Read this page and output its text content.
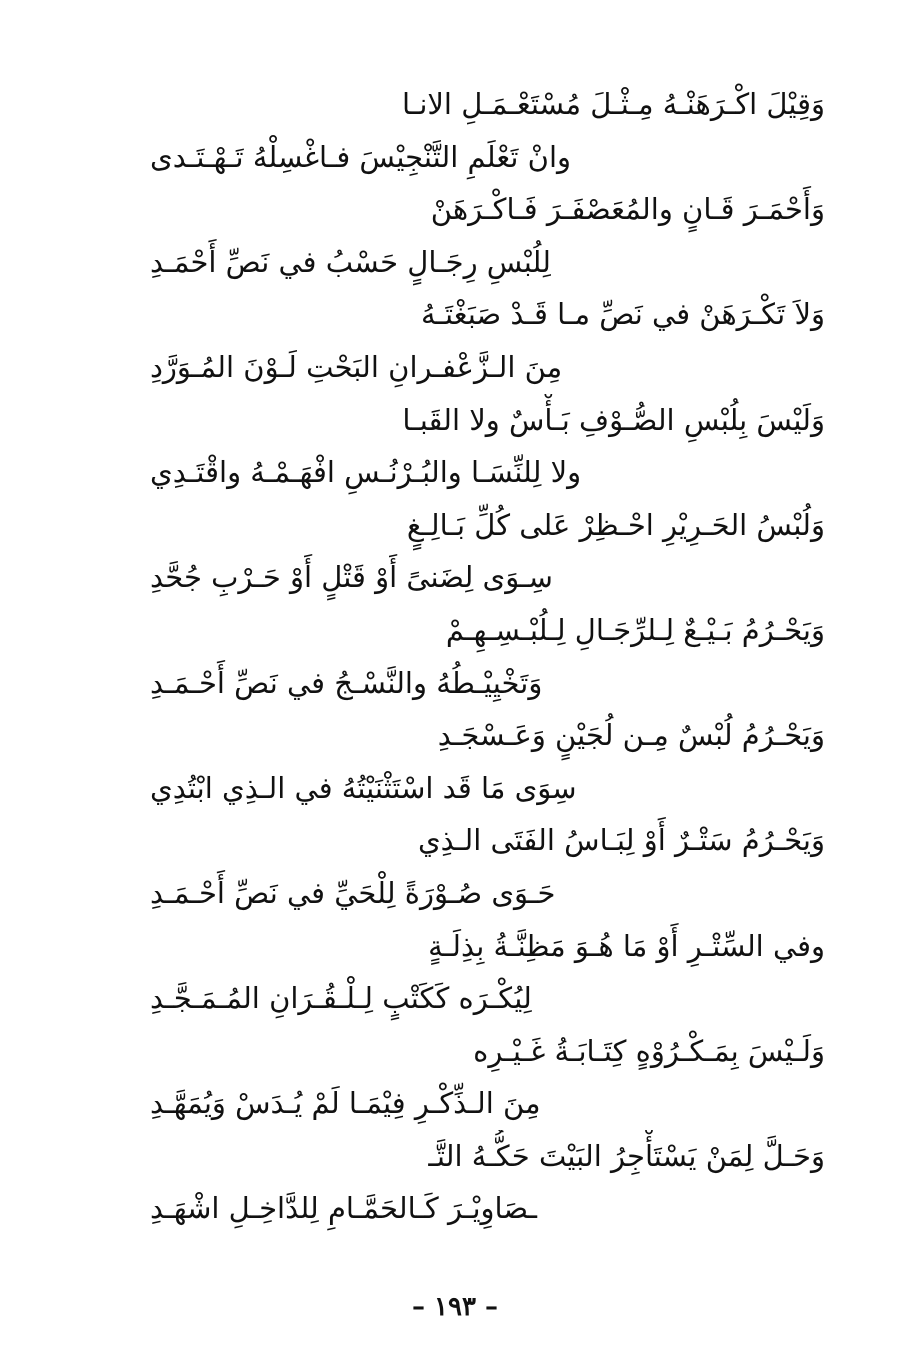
وَقِيْلَ اكْـرَهَنْـهُ مِـثْـلَ مُسْتَعْـمَـلِ الانـا
وانْ تَعْلَمِ التَّنْجِيْسَ فـاغْسِلْهُ تَـهْـتَـدى
وَأَحْمَـرَ قَـانٍ والمُعَصْفَـرَ فَـاكْـرَهَنْ
لِلُبْسِ رِجَـالٍ حَسْبُ في نَصِّ أَحْمَـدِ
وَلاَ تَكْـرَهَنْ في نَصِّ مـا قَـدْ صَبَغْتَـهُ
مِنَ الـزَّعْفـرانِ البَحْتِ لَـوْنَ المُـوَرَّدِ
وَلَيْسَ بِلُبْسِ الصُّـوْفِ بَـأْسٌ ولا القَبـا
ولا لِلنِّسَـا والبُـرْنُـسِ افْهَـمْـهُ واقْتَـدِي
وَلُبْسُ الحَـرِيْرِ احْـظِرْ عَلى كُلِّ بَـالِـغٍ
سِـوَى لِضَنىً أَوْ قَتْلٍ أَوْ حَـرْبِ جُحَّدِ
وَيَحْـرُمُ بَـيْـعٌ لِـلرِّجَـالِ لِـلُبْـسِـهِـمْ
وَتَخْيِيْـطُهُ والنَّسْـجُ في نَصِّ أَحْـمَـدِ
وَيَحْـرُمُ لُبْسٌ مِـن لُجَيْنٍ وَعَـسْجَـدِ
سِوَى مَا قَد اسْتَثْنَيْتُهُ في الـذِي ابْتُدِي
وَيَحْـرُمُ سَتْـرٌ أَوْ لِبَـاسُ الفَتَى الـذِي
حَـوَى صُـوْرَةً لِلْحَيِّ في نَصِّ أَحْـمَـدِ
وفي السِّتْـرِ أَوْ مَا هُـوَ مَظِنَّـةُ بِذِلَـةٍ
لِيُكْـرَه كَكَتْبٍ لِـلْـقُـرَانِ المُـمَـجَّـدِ
وَلَـيْسَ بِمَـكْـرُوْهٍ كِتَـابَـةُ غَـيْـرِه
مِنَ الـذِّكْـرِ فِيْمَـا لَمْ يُـدَسْ وَيُمَهَّـدِ
وَحَـلَّ لِمَنْ يَسْتَأْجِرُ البَيْتَ حَكُّـهُ التَّـ
ـصَاوِيْـرَ كَـالحَمَّـامِ لِلدَّاخِـلِ اشْهَـدِ
– ١٩٣ –
